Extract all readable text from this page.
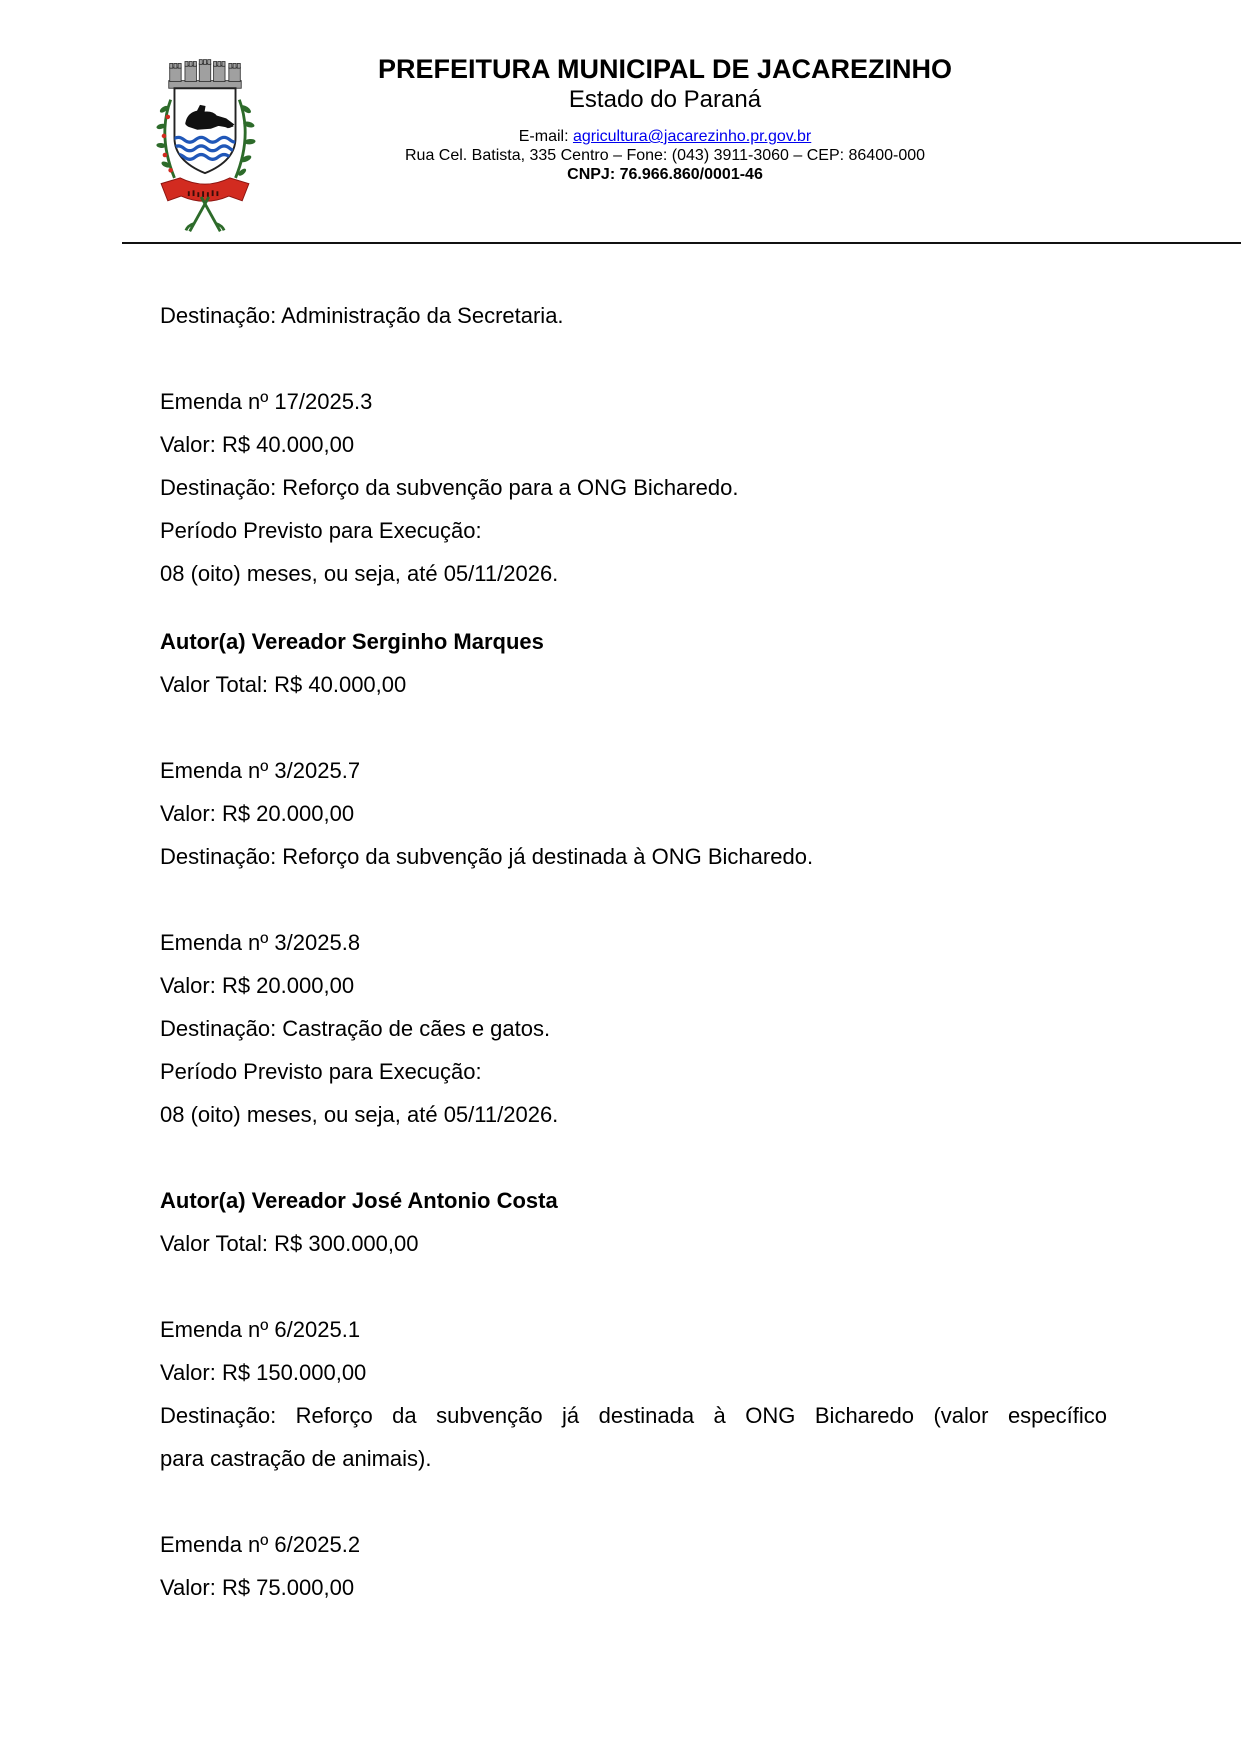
PREFEITURA MUNICIPAL DE JACAREZINHO
Estado do Paraná
E-mail: agricultura@jacarezinho.pr.gov.br
Rua Cel. Batista, 335 Centro – Fone: (043) 3911-3060 – CEP: 86400-000
CNPJ: 76.966.860/0001-46
Destinação: Administração da Secretaria.
Emenda nº 17/2025.3
Valor: R$ 40.000,00
Destinação: Reforço da subvenção para a ONG Bicharedo.
Período Previsto para Execução:
08 (oito) meses, ou seja, até 05/11/2026.
Autor(a) Vereador Serginho Marques
Valor Total: R$ 40.000,00
Emenda nº 3/2025.7
Valor: R$ 20.000,00
Destinação: Reforço da subvenção já destinada à ONG Bicharedo.
Emenda nº 3/2025.8
Valor: R$ 20.000,00
Destinação: Castração de cães e gatos.
Período Previsto para Execução:
08 (oito) meses, ou seja, até 05/11/2026.
Autor(a) Vereador José Antonio Costa
Valor Total: R$ 300.000,00
Emenda nº 6/2025.1
Valor: R$ 150.000,00
Destinação: Reforço da subvenção já destinada à ONG Bicharedo (valor específico
para castração de animais).
Emenda nº 6/2025.2
Valor: R$ 75.000,00
